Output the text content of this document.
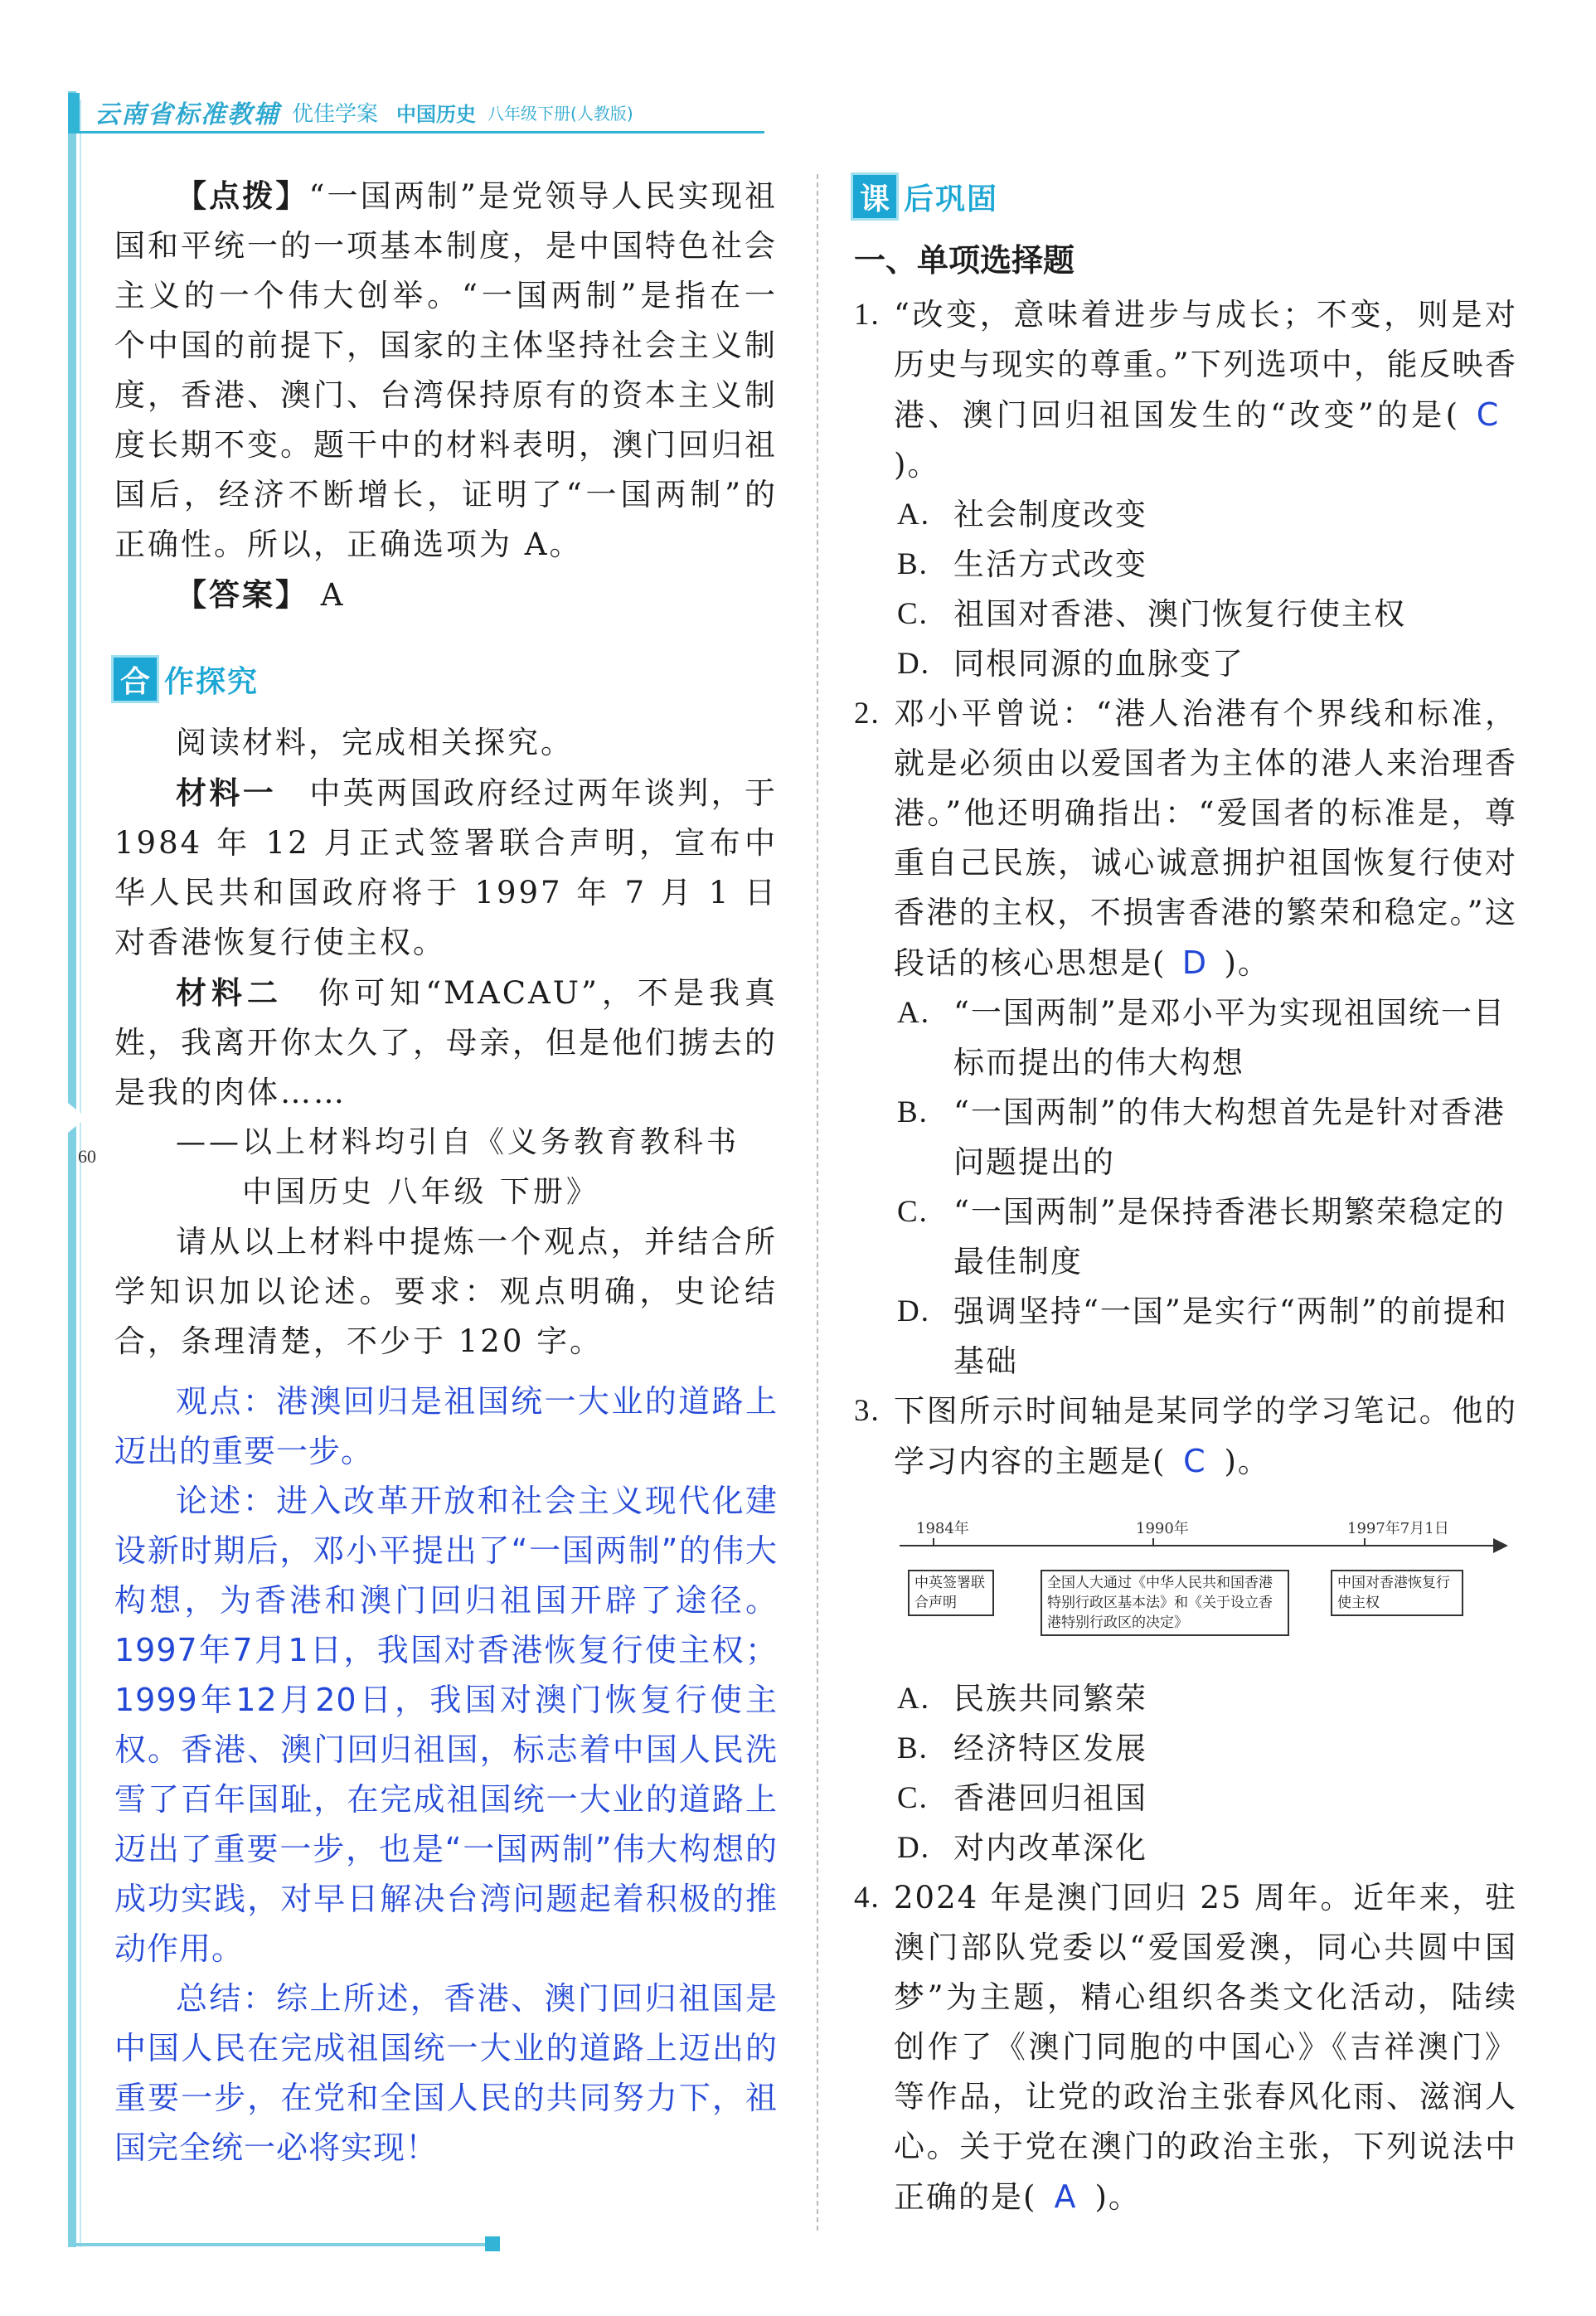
60
云南省标准教辅 优佳学案 中国历史 八年级下册(人教版)

【点拨】“一国两制”是党领导人民实现祖国和平统一的一项基本制度，是中国特色社会主义的一个伟大创举。“一国两制”是指在一个中国的前提下，国家的主体坚持社会主义制度，香港、澳门、台湾保持原有的资本主义制度长期不变。题干中的材料表明，澳门回归祖国后，经济不断增长，证明了“一国两制”的正确性。所以，正确选项为 A。

【答案】 A

合 作探究

阅读材料，完成相关探究。

材料一　 中英两国政府经过两年谈判，于 1984 年 12 月正式签署联合声明，宣布中华人民共和国政府将于 1997 年 7 月 1 日对香港恢复行使主权。

材料二　 你可知“MACAU”，不是我真姓，我离开你太久了，母亲，但是他们掳去的是我的肉体……

——以上材料均引自《义务教育教科书

中国历史 八年级 下册》

请从以上材料中提炼一个观点，并结合所学知识加以论述。要求：观点明确，史论结合，条理清楚，不少于 120 字。

观点：港澳回归是祖国统一大业的道路上迈出的重要一步。

论述：进入改革开放和社会主义现代化建设新时期后，邓小平提出了“一国两制”的伟大构想，为香港和澳门回归祖国开辟了途径。1997年7月1日，我国对香港恢复行使主权；1999年12月20日，我国对澳门恢复行使主权。香港、澳门回归祖国，标志着中国人民洗雪了百年国耻，在完成祖国统一大业的道路上迈出了重要一步，也是“一国两制”伟大构想的成功实践，对早日解决台湾问题起着积极的推动作用。

总结：综上所述，香港、澳门回归祖国是中国人民在完成祖国统一大业的道路上迈出的重要一步，在党和全国人民的共同努力下，祖国完全统一必将实现！

课 后巩固
一、单项选择题
1. “改变，意味着进步与成长；不变，则是对历史与现实的尊重。”下列选项中，能反映香港、澳门回归祖国发生的“改变”的是( C)。
A. 社会制度改变
B. 生活方式改变
C. 祖国对香港、澳门恢复行使主权
D. 同根同源的血脉变了
2. 邓小平曾说：“港人治港有个界线和标准，就是必须由以爱国者为主体的港人来治理香港。”他还明确指出：“爱国者的标准是，尊重自己民族，诚心诚意拥护祖国恢复行使对香港的主权，不损害香港的繁荣和稳定。”这段话的核心思想是( D )。
A. “一国两制”是邓小平为实现祖国统一目标而提出的伟大构想
B. “一国两制”的伟大构想首先是针对香港问题提出的
C. “一国两制”是保持香港长期繁荣稳定的最佳制度
D. 强调坚持“一国”是实行“两制”的前提和基础
3. 下图所示时间轴是某同学的学习笔记。他的学习内容的主题是( C )。
1984年	1990年	1997年7月1日
中英签署联合声明
全国人大通过《中华人民共和国香港特别行政区基本法》和《关于设立香港特别行政区的决定》
中国对香港恢复行使主权
A. 民族共同繁荣
B. 经济特区发展
C. 香港回归祖国
D. 对内改革深化
4. 2024 年是澳门回归 25 周年。近年来，驻澳门部队党委以“爱国爱澳，同心共圆中国梦”为主题，精心组织各类文化活动，陆续创作了《澳门同胞的中国心》《吉祥澳门》等作品，让党的政治主张春风化雨、滋润人心。关于党在澳门的政治主张，下列说法中正确的是( A )。
